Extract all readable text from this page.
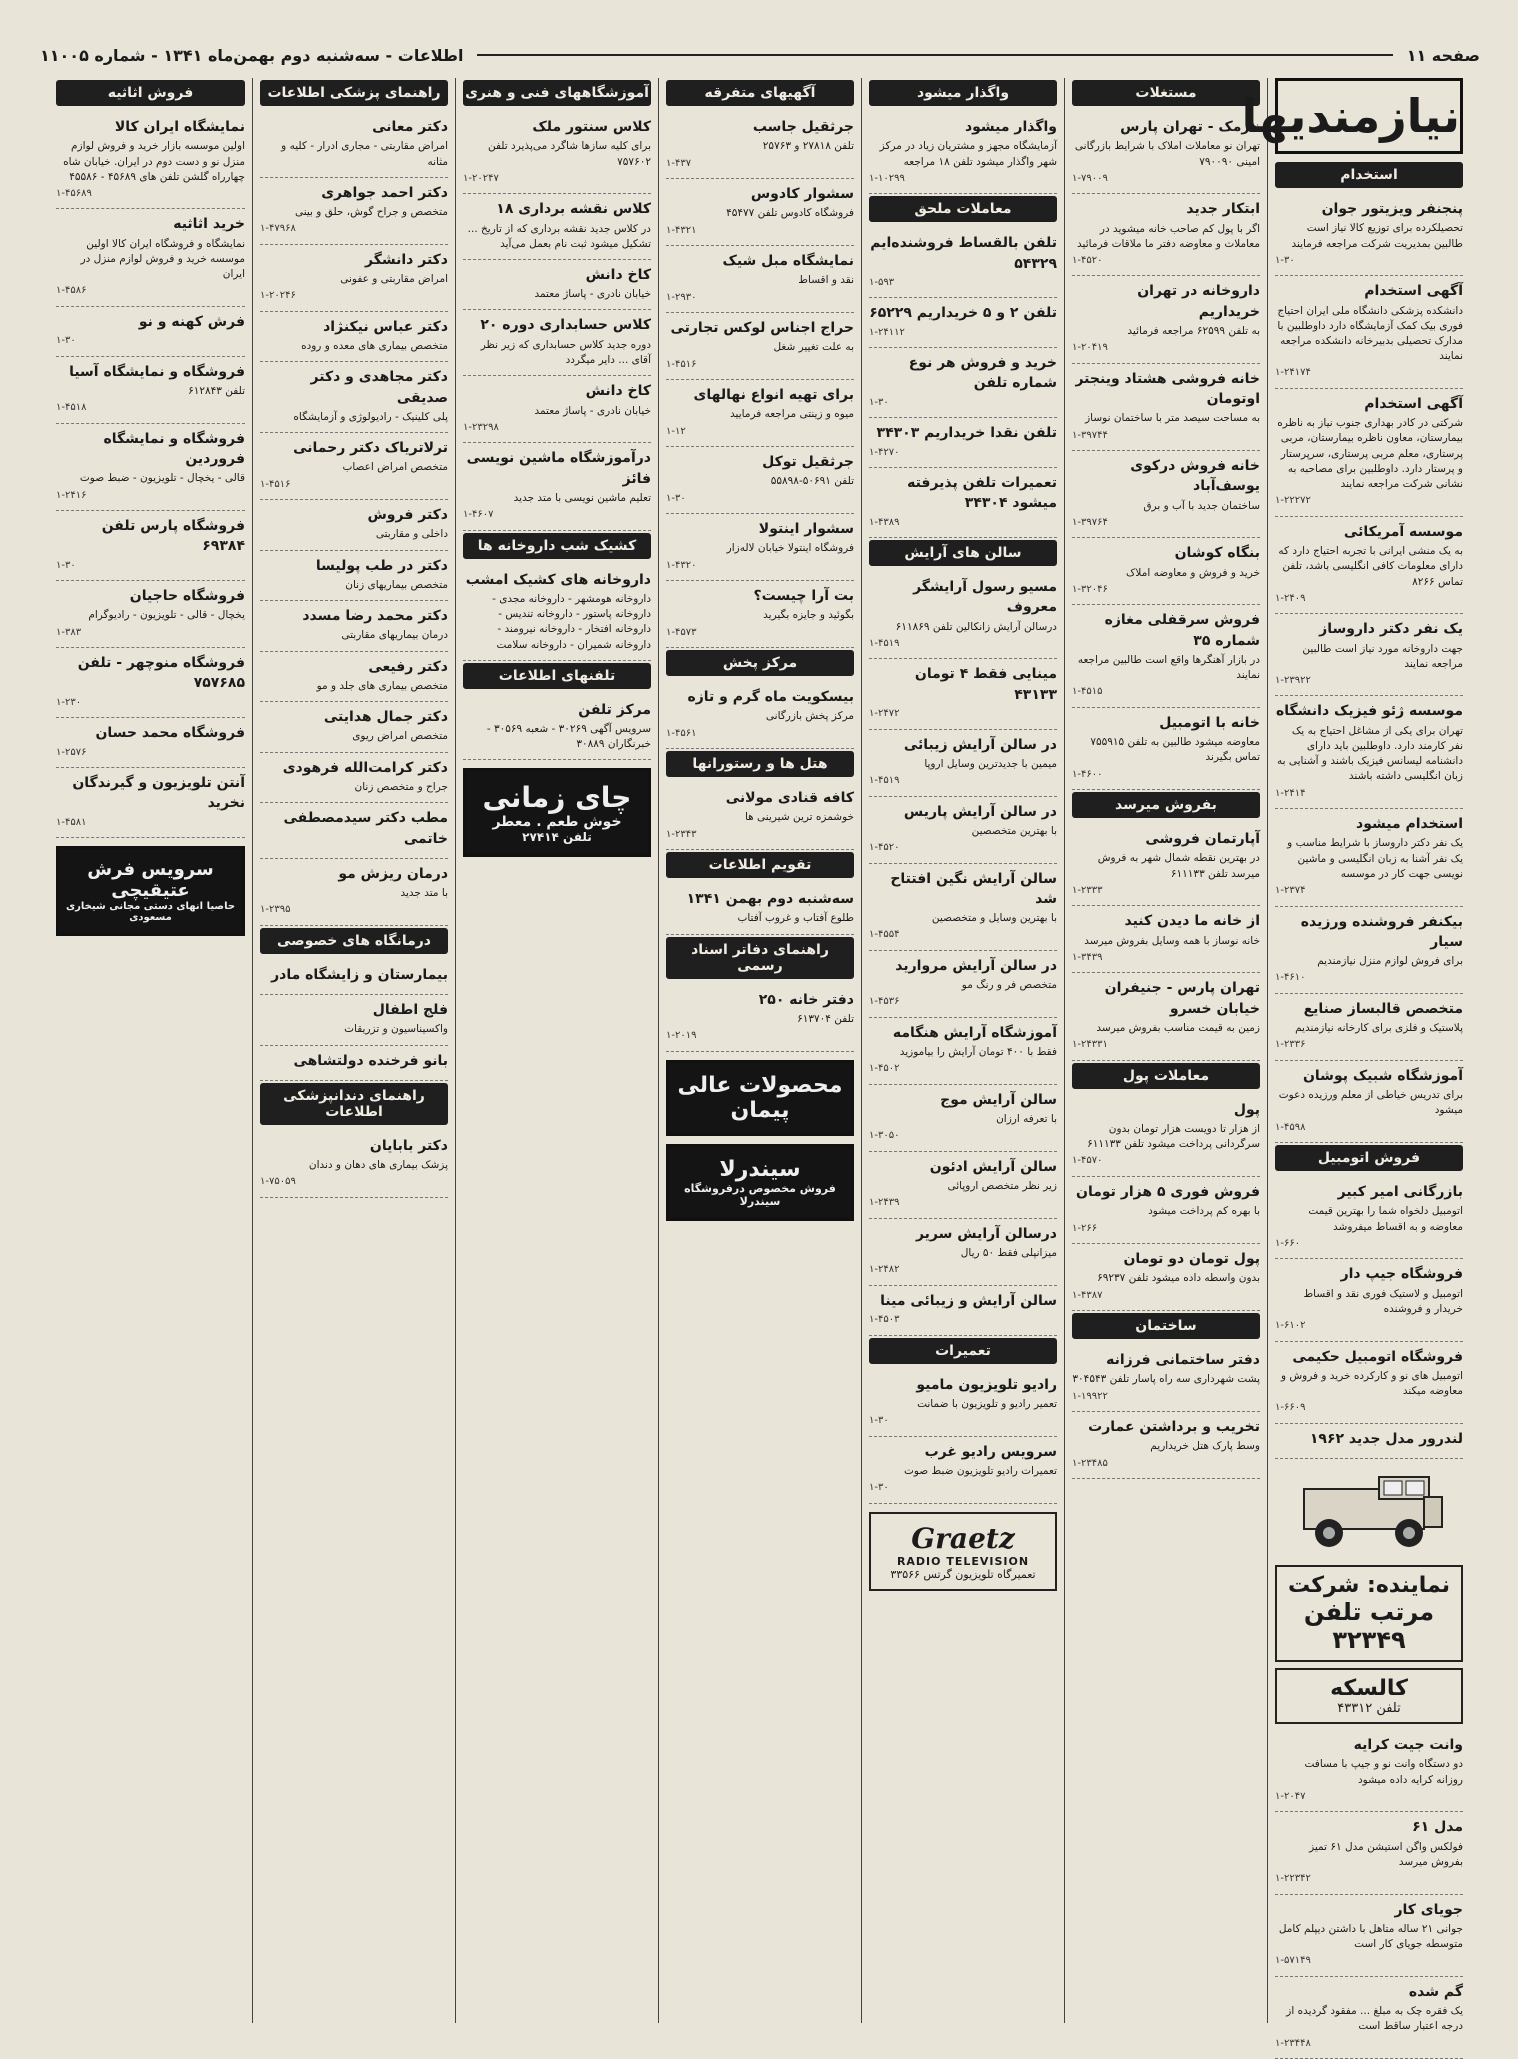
صفحه ۱۱
اطلاعات - سه‌شنبه دوم بهمن‌ماه ۱۳۴۱ - شماره ۱۱۰۰۵
نیازمندیها
استخدام
پنجنفر ویزیتور جوان
تحصیلکرده برای توزیع کالا نیاز است طالبین بمدیریت شرکت مراجعه فرمایند
۱-۳۰
آگهی استخدام
دانشکده پزشکی دانشگاه ملی ایران احتیاج فوری بیک کمک آزمایشگاه دارد داوطلبین با مدارک تحصیلی بدبیرخانه دانشکده مراجعه نمایند
۱-۲۴۱۷۴
آگهی استخدام
شرکتی در کادر بهداری جنوب نیاز به ناظره بیمارستان، معاون ناظره بیمارستان، مربی پرستاری، معلم مربی پرستاری، سرپرستار و پرستار دارد. داوطلبین برای مصاحبه به نشانی شرکت مراجعه نمایند
۱-۲۲۲۷۲
موسسه آمریکائی
به یک منشی ایرانی با تجربه احتیاج دارد که دارای معلومات کافی انگلیسی باشد، تلفن تماس ۸۲۶۶
۱-۲۴۰۹
یک نفر دکتر داروساز
جهت داروخانه مورد نیاز است طالبین مراجعه نمایند
۱-۲۳۹۲۲
موسسه ژئو فیزیک دانشگاه
تهران برای یکی از مشاغل احتیاج به یک نفر کارمند دارد. داوطلبین باید دارای دانشنامه لیسانس فیزیک باشند و آشنایی به زبان انگلیسی داشته باشند
۱-۲۴۱۴
استخدام میشود
یک نفر دکتر داروساز با شرایط مناسب و یک نفر آشنا به زبان انگلیسی و ماشین نویسی جهت کار در موسسه
۱-۲۳۷۴
بیکنفر فروشنده ورزیده سیار
برای فروش لوازم منزل نیازمندیم
۱-۴۶۱۰
متخصص قالبساز صنایع
پلاستیک و فلزی برای کارخانه نیازمندیم
۱-۲۳۳۶
آموزشگاه شبیک پوشان
برای تدریس خیاطی از معلم ورزیده دعوت میشود
۱-۴۵۹۸
فروش اتومبیل
بازرگانی امیر کبیر
اتومبیل دلخواه شما را بهترین قیمت معاوضه و به اقساط میفروشد
۱-۶۶۰
فروشگاه جیپ دار
اتومبیل و لاستیک فوری نقد و اقساط خریدار و فروشنده
۱-۶۱۰۲
فروشگاه اتومبیل حکیمی
اتومبیل های نو و کارکرده خرید و فروش و معاوضه میکند
۱-۶۶۰۹
لندرور مدل جدید ۱۹۶۲
نماینده: شرکت
مرتب تلفن ۳۲۳۴۹
کالسکه
تلفن ۴۳۳۱۲
وانت جیت کرایه
دو دستگاه وانت نو و جیپ با مسافت روزانه کرایه داده میشود
۱-۲۰۴۷
مدل ۶۱
فولکس واگن استیشن مدل ۶۱ تمیز بفروش میرسد
۱-۲۲۳۴۲
جویای کار
جوانی ۲۱ ساله متاهل با داشتن دیپلم کامل متوسطه جویای کار است
۱-۵۷۱۴۹
گم شده
یک فقره چک به مبلغ ... مفقود گردیده از درجه اعتبار ساقط است
۱-۲۳۴۴۸
مستغلات
نارمک - تهران پارس
تهران نو معاملات املاک با شرایط بازرگانی امینی ۷۹۰۰۹۰
۱-۷۹۰۰۹
ابتکار جدید
اگر با پول کم صاحب خانه میشوید در معاملات و معاوضه دفتر ما ملاقات فرمائید
۱-۴۵۲۰
داروخانه در تهران خریداریم
به تلفن ۶۲۵۹۹ مراجعه فرمائید
۱-۲۰۴۱۹
خانه فروشی هشتاد وینجتر اوتومان
به مساحت سیصد متر با ساختمان نوساز
۱-۳۹۷۴۴
خانه فروش درکوی یوسف‌آباد
ساختمان جدید با آب و برق
۱-۳۹۷۶۴
بنگاه کوشان
خرید و فروش و معاوضه املاک
۱-۳۲۰۴۶
فروش سرقفلی مغازه شماره ۳۵
در بازار آهنگرها واقع است طالبین مراجعه نمایند
۱-۴۵۱۵
خانه با اتومبیل
معاوضه میشود طالبین به تلفن ۷۵۵۹۱۵ تماس بگیرند
۱-۴۶۰۰
بفروش میرسد
آپارتمان فروشی
در بهترین نقطه شمال شهر به فروش میرسد تلفن ۶۱۱۱۳۳
۱-۲۳۳۳
از خانه ما دیدن کنید
خانه نوساز با همه وسایل بفروش میرسد
۱-۳۴۳۹
تهران پارس - جنیفران خیابان خسرو
زمین به قیمت مناسب بفروش میرسد
۱-۲۴۳۳۱
معاملات پول
پول
از هزار تا دویست هزار تومان بدون سرگردانی پرداخت میشود تلفن ۶۱۱۱۳۳
۱-۴۵۷۰
فروش فوری ۵ هزار تومان
با بهره کم پرداخت میشود
۱-۲۶۶
پول تومان دو تومان
بدون واسطه داده میشود تلفن ۶۹۲۳۷
۱-۴۳۸۷
ساختمان
دفتر ساختمانی فرزانه
پشت شهرداری سه راه پاسار تلفن ۳۰۴۵۴۳
۱-۱۹۹۲۲
تخریب و برداشتن عمارت
وسط پارک هتل خریداریم
۱-۲۳۴۸۵
واگذار میشود
واگذار میشود
آزمایشگاه مجهز و مشتریان زیاد در مرکز شهر واگذار میشود تلفن ۱۸ مراجعه
۱-۱۰۲۹۹
معاملات ملحق
تلفن بالقساط فروشنده‌ایم ۵۴۳۲۹
۱-۵۹۳
تلفن ۲ و ۵ خریداریم ۶۵۲۲۹
۱-۲۴۱۱۲
خرید و فروش هر نوع شماره تلفن
۱-۳۰
تلفن نقدا خریداریم ۳۴۳۰۳
۱-۴۲۷۰
تعمیرات تلفن پذیرفته میشود ۳۴۳۰۴
۱-۴۳۸۹
سالن های آرایش
مسیو رسول آرایشگر معروف
درسالن آرایش زانکالین تلفن ۶۱۱۸۶۹
۱-۴۵۱۹
مینایی فقط ۴ تومان ۴۳۱۳۳
۱-۲۴۷۲
در سالن آرایش زیبائی
میمین با جدیدترین وسایل اروپا
۱-۴۵۱۹
در سالن آرایش پاریس
با بهترین متخصصین
۱-۴۵۲۰
سالن آرایش نگین افتتاح شد
با بهترین وسایل و متخصصین
۱-۴۵۵۴
در سالن آرایش مروارید
متخصص فر و رنگ مو
۱-۴۵۳۶
آموزشگاه آرایش هنگامه
فقط با ۴۰۰ تومان آرایش را بیاموزید
۱-۴۵۰۲
سالن آرایش موج
با تعرفه ارزان
۱-۳۰۵۰
سالن آرایش ادئون
زیر نظر متخصص اروپائی
۱-۲۴۳۹
درسالن آرایش سریر
میزانپلی فقط ۵۰ ریال
۱-۲۴۸۲
سالن آرایش و زیبائی مینا
۱-۴۵۰۳
تعمیرات
رادیو تلویزیون مامیو
تعمیر رادیو و تلویزیون با ضمانت
۱-۳۰
سرویس رادیو غرب
تعمیرات رادیو تلویزیون ضبط صوت
۱-۳۰
Graetz
RADIO TELEVISION
تعمیرگاه تلویزیون گرتس ۳۳۵۶۶
آگهیهای متفرقه
جرثقیل جاسب
تلفن ۲۷۸۱۸ و ۲۵۷۶۳
۱-۴۳۷
سشوار کادوس
فروشگاه کادوس تلفن ۴۵۴۷۷
۱-۴۳۲۱
نمایشگاه مبل شیک
نقد و اقساط
۱-۲۹۳۰
حراج اجناس لوکس تجارتی
به علت تغییر شغل
۱-۴۵۱۶
برای تهیه انواع نهالهای
میوه و زینتی مراجعه فرمایید
۱-۱۲
جرثقیل توکل
تلفن ۵۰۶۹۱-۵۵۸۹۸
۱-۳۰
سشوار اینتولا
فروشگاه اینتولا خیابان لاله‌زار
۱-۴۳۲۰
بت آرا چیست؟
بگوئید و جایزه بگیرید
۱-۴۵۷۳
مرکز پخش
بیسکویت ماه گرم و تازه
مرکز پخش بازرگانی
۱-۴۵۶۱
هتل ها و رستورانها
کافه قنادی مولانی
خوشمزه ترین شیرینی ها
۱-۲۳۴۳
تقویم اطلاعات
سه‌شنبه دوم بهمن ۱۳۴۱
طلوع آفتاب و غروب آفتاب
راهنمای دفاتر اسناد رسمی
دفتر خانه ۲۵۰
تلفن ۶۱۳۷۰۴
۱-۲۰۱۹
محصولات عالی پیمان
سیندرلا
فروش مخصوص درفروشگاه سیندرلا
آموزشگاههای فنی و هنری
کلاس سنتور ملک
برای کلیه سازها شاگرد می‌پذیرد تلفن ۷۵۷۶۰۲
۱-۲۰۲۴۷
کلاس نقشه برداری ۱۸
در کلاس جدید نقشه برداری که از تاریخ ... تشکیل میشود ثبت نام بعمل می‌آید
کاخ دانش
خیابان نادری - پاساژ معتمد
کلاس حسابداری دوره ۲۰
دوره جدید کلاس حسابداری که زیر نظر آقای ... دایر میگردد
کاخ دانش
خیابان نادری - پاساژ معتمد
۱-۲۳۲۹۸
درآموزشگاه ماشین نویسی فائز
تعلیم ماشین نویسی با متد جدید
۱-۴۶۰۷
کشیک شب داروخانه ها
داروخانه های کشیک امشب
داروخانه هومشهر - داروخانه مجدی - داروخانه پاستور - داروخانه تندیس - داروخانه افتخار - داروخانه نیرومند - داروخانه شمیران - داروخانه سلامت
تلفنهای اطلاعات
مرکز تلفن
سرویس آگهی ۳۰۲۶۹ - شعبه ۳۰۵۶۹ - خبرنگاران ۳۰۸۸۹
چای زمانی
خوش طعم . معطر
تلفن ۲۷۴۱۴
راهنمای پزشکی اطلاعات
دکتر معانی
امراض مقاربتی - مجاری ادرار - کلیه و مثانه
دکتر احمد جواهری
متخصص و جراح گوش، حلق و بینی
۱-۴۷۹۶۸
دکتر دانشگر
امراض مقاربتی و عفونی
۱-۲۰۲۴۶
دکتر عباس نیکنژاد
متخصص بیماری های معده و روده
دکتر مجاهدی و دکتر صدیقی
پلی کلینیک - رادیولوژی و آزمایشگاه
ترلاتریاک دکتر رحمانی
متخصص امراض اعصاب
۱-۴۵۱۶
دکتر فروش
داخلی و مقاربتی
دکتر در طب پولیسا
متخصص بیماریهای زنان
دکتر محمد رضا مسدد
درمان بیماریهای مقاربتی
دکتر رفیعی
متخصص بیماری های جلد و مو
دکتر جمال هدایتی
متخصص امراض ریوی
دکتر کرامت‌الله فرهودی
جراح و متخصص زنان
مطب دکتر سیدمصطفی خاتمی
درمان ریزش مو
با متد جدید
۱-۲۳۹۵
درمانگاه های خصوصی
بیمارستان و زایشگاه مادر
فلج اطفال
واکسیناسیون و تزریقات
بانو فرخنده دولتشاهی
راهنمای دندانپزشکی اطلاعات
دکتر بابایان
پزشک بیماری های دهان و دندان
۱-۷۵۰۵۹
فروش اثاثیه
نمایشگاه ایران کالا
اولین موسسه بازار خرید و فروش لوازم منزل نو و دست دوم در ایران. خیابان شاه چهارراه گلشن تلفن های ۴۵۶۸۹ - ۴۵۵۸۶
۱-۴۵۶۸۹
خرید اثاثیه
نمایشگاه و فروشگاه ایران کالا اولین موسسه خرید و فروش لوازم منزل در ایران
۱-۴۵۸۶
فرش کهنه و نو
۱-۳۰
فروشگاه و نمایشگاه آسیا
تلفن ۶۱۲۸۴۳
۱-۴۵۱۸
فروشگاه و نمایشگاه فروردین
قالی - یخچال - تلویزیون - ضبط صوت
۱-۲۴۱۶
فروشگاه پارس تلفن ۶۹۳۸۴
۱-۳۰
فروشگاه حاجیان
یخچال - قالی - تلویزیون - رادیوگرام
۱-۳۸۳
فروشگاه منوچهر - تلفن ۷۵۷۶۸۵
۱-۲۳۰
فروشگاه محمد حسان
۱-۲۵۷۶
آنتن تلویزیون و گیرندگان نخرید
۱-۴۵۸۱
سرویس فرش عتیقیچی
حاصیا انهای دستی مجانی شیخاری مسعودی
